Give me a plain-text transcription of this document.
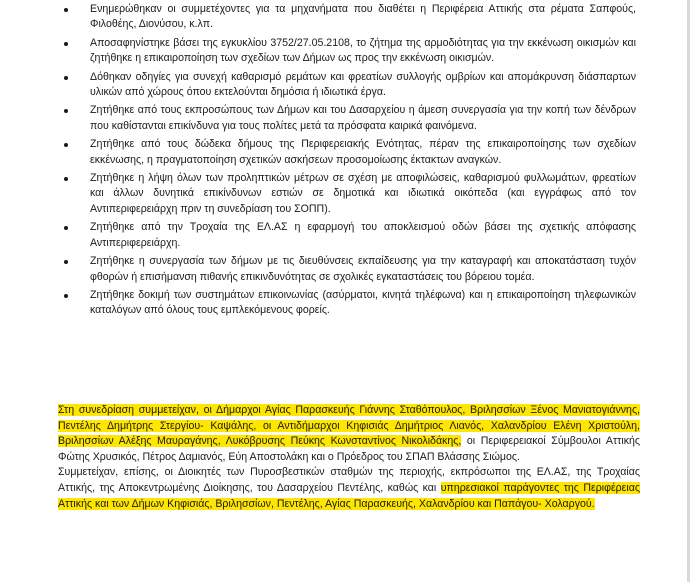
Ενημερώθηκαν οι συμμετέχοντες για τα μηχανήματα που διαθέτει η Περιφέρεια Αττικής στα ρέματα Σαπφούς, Φιλοθέης, Διονύσου, κ.λπ.
Αποσαφηνίστηκε βάσει της εγκυκλίου 3752/27.05.2108, το ζήτημα της αρμοδιότητας για την εκκένωση οικισμών και ζητήθηκε η επικαιροποίηση των σχεδίων των Δήμων ως προς την εκκένωση οικισμών.
Δόθηκαν οδηγίες για συνεχή καθαρισμό ρεμάτων και φρεατίων συλλογής ομβρίων και απομάκρυνση διάσπαρτων υλικών από χώρους όπου εκτελούνται δημόσια ή ιδιωτικά έργα.
Ζητήθηκε από τους εκπροσώπους των Δήμων και του Δασαρχείου η άμεση συνεργασία για την κοπή των δένδρων που καθίστανται επικίνδυνα για τους πολίτες μετά τα πρόσφατα καιρικά φαινόμενα.
Ζητήθηκε από τους δώδεκα δήμους της Περιφερειακής Ενότητας, πέραν της επικαιροποίησης των σχεδίων εκκένωσης, η πραγματοποίηση σχετικών ασκήσεων προσομοίωσης έκτακτων αναγκών.
Ζητήθηκε η λήψη όλων των προληπτικών μέτρων σε σχέση με αποφιλώσεις, καθαρισμού φυλλωμάτων, φρεατίων και άλλων δυνητικά επικίνδυνων εστιών σε δημοτικά και ιδιωτικά οικόπεδα (και εγγράφως από τον Αντιπεριφερειάρχη πριν τη συνεδρίαση του ΣΟΠΠ).
Ζητήθηκε από την Τροχαία της ΕΛ.ΑΣ η εφαρμογή του αποκλεισμού οδών βάσει της σχετικής απόφασης Αντιπεριφερειάρχη.
Ζητήθηκε η συνεργασία των δήμων με τις διευθύνσεις εκπαίδευσης για την καταγραφή και αποκατάσταση τυχόν φθορών ή επισήμανση πιθανής επικινδυνότητας σε σχολικές εγκαταστάσεις του βόρειου τομέα.
Ζητήθηκε δοκιμή των συστημάτων επικοινωνίας (ασύρματοι, κινητά τηλέφωνα) και η επικαιροποίηση τηλεφωνικών καταλόγων από όλους τους εμπλεκόμενους φορείς.

Στη συνεδρίαση συμμετείχαν, οι Δήμαρχοι Αγίας Παρασκευής Γιάννης Σταθόπουλος, Βριλησσίων Ξένος Μανιατογιάννης, Πεντέλης Δημήτρης Στεργίου- Καψάλης, οι Αντιδήμαρχοι Κηφισιάς Δημήτριος Λιανός, Χαλανδρίου Ελένη Χριστούλη, Βριλησσίων Αλέξης Μαυραγάνης, Λυκόβρυσης Πεύκης Κωνσταντίνος Νικολιδάκης, οι Περιφερειακοί Σύμβουλοι Αττικής Φώτης Χρυσικός, Πέτρος Δαμιανός, Εύη Αποστολάκη και ο Πρόεδρος του ΣΠΑΠ Βλάσσης Σιώμος.

Συμμετείχαν, επίσης, οι Διοικητές των Πυροσβεστικών σταθμών της περιοχής, εκπρόσωποι της ΕΛ.ΑΣ, της Τροχαίας Αττικής, της Αποκεντρωμένης Διοίκησης, του Δασαρχείου Πεντέλης, καθώς και υπηρεσιακοί παράγοντες της Περιφέρειας Αττικής και των Δήμων Κηφισιάς, Βριλησσίων, Πεντέλης, Αγίας Παρασκευής, Χαλανδρίου και Παπάγου- Χολαργού.
